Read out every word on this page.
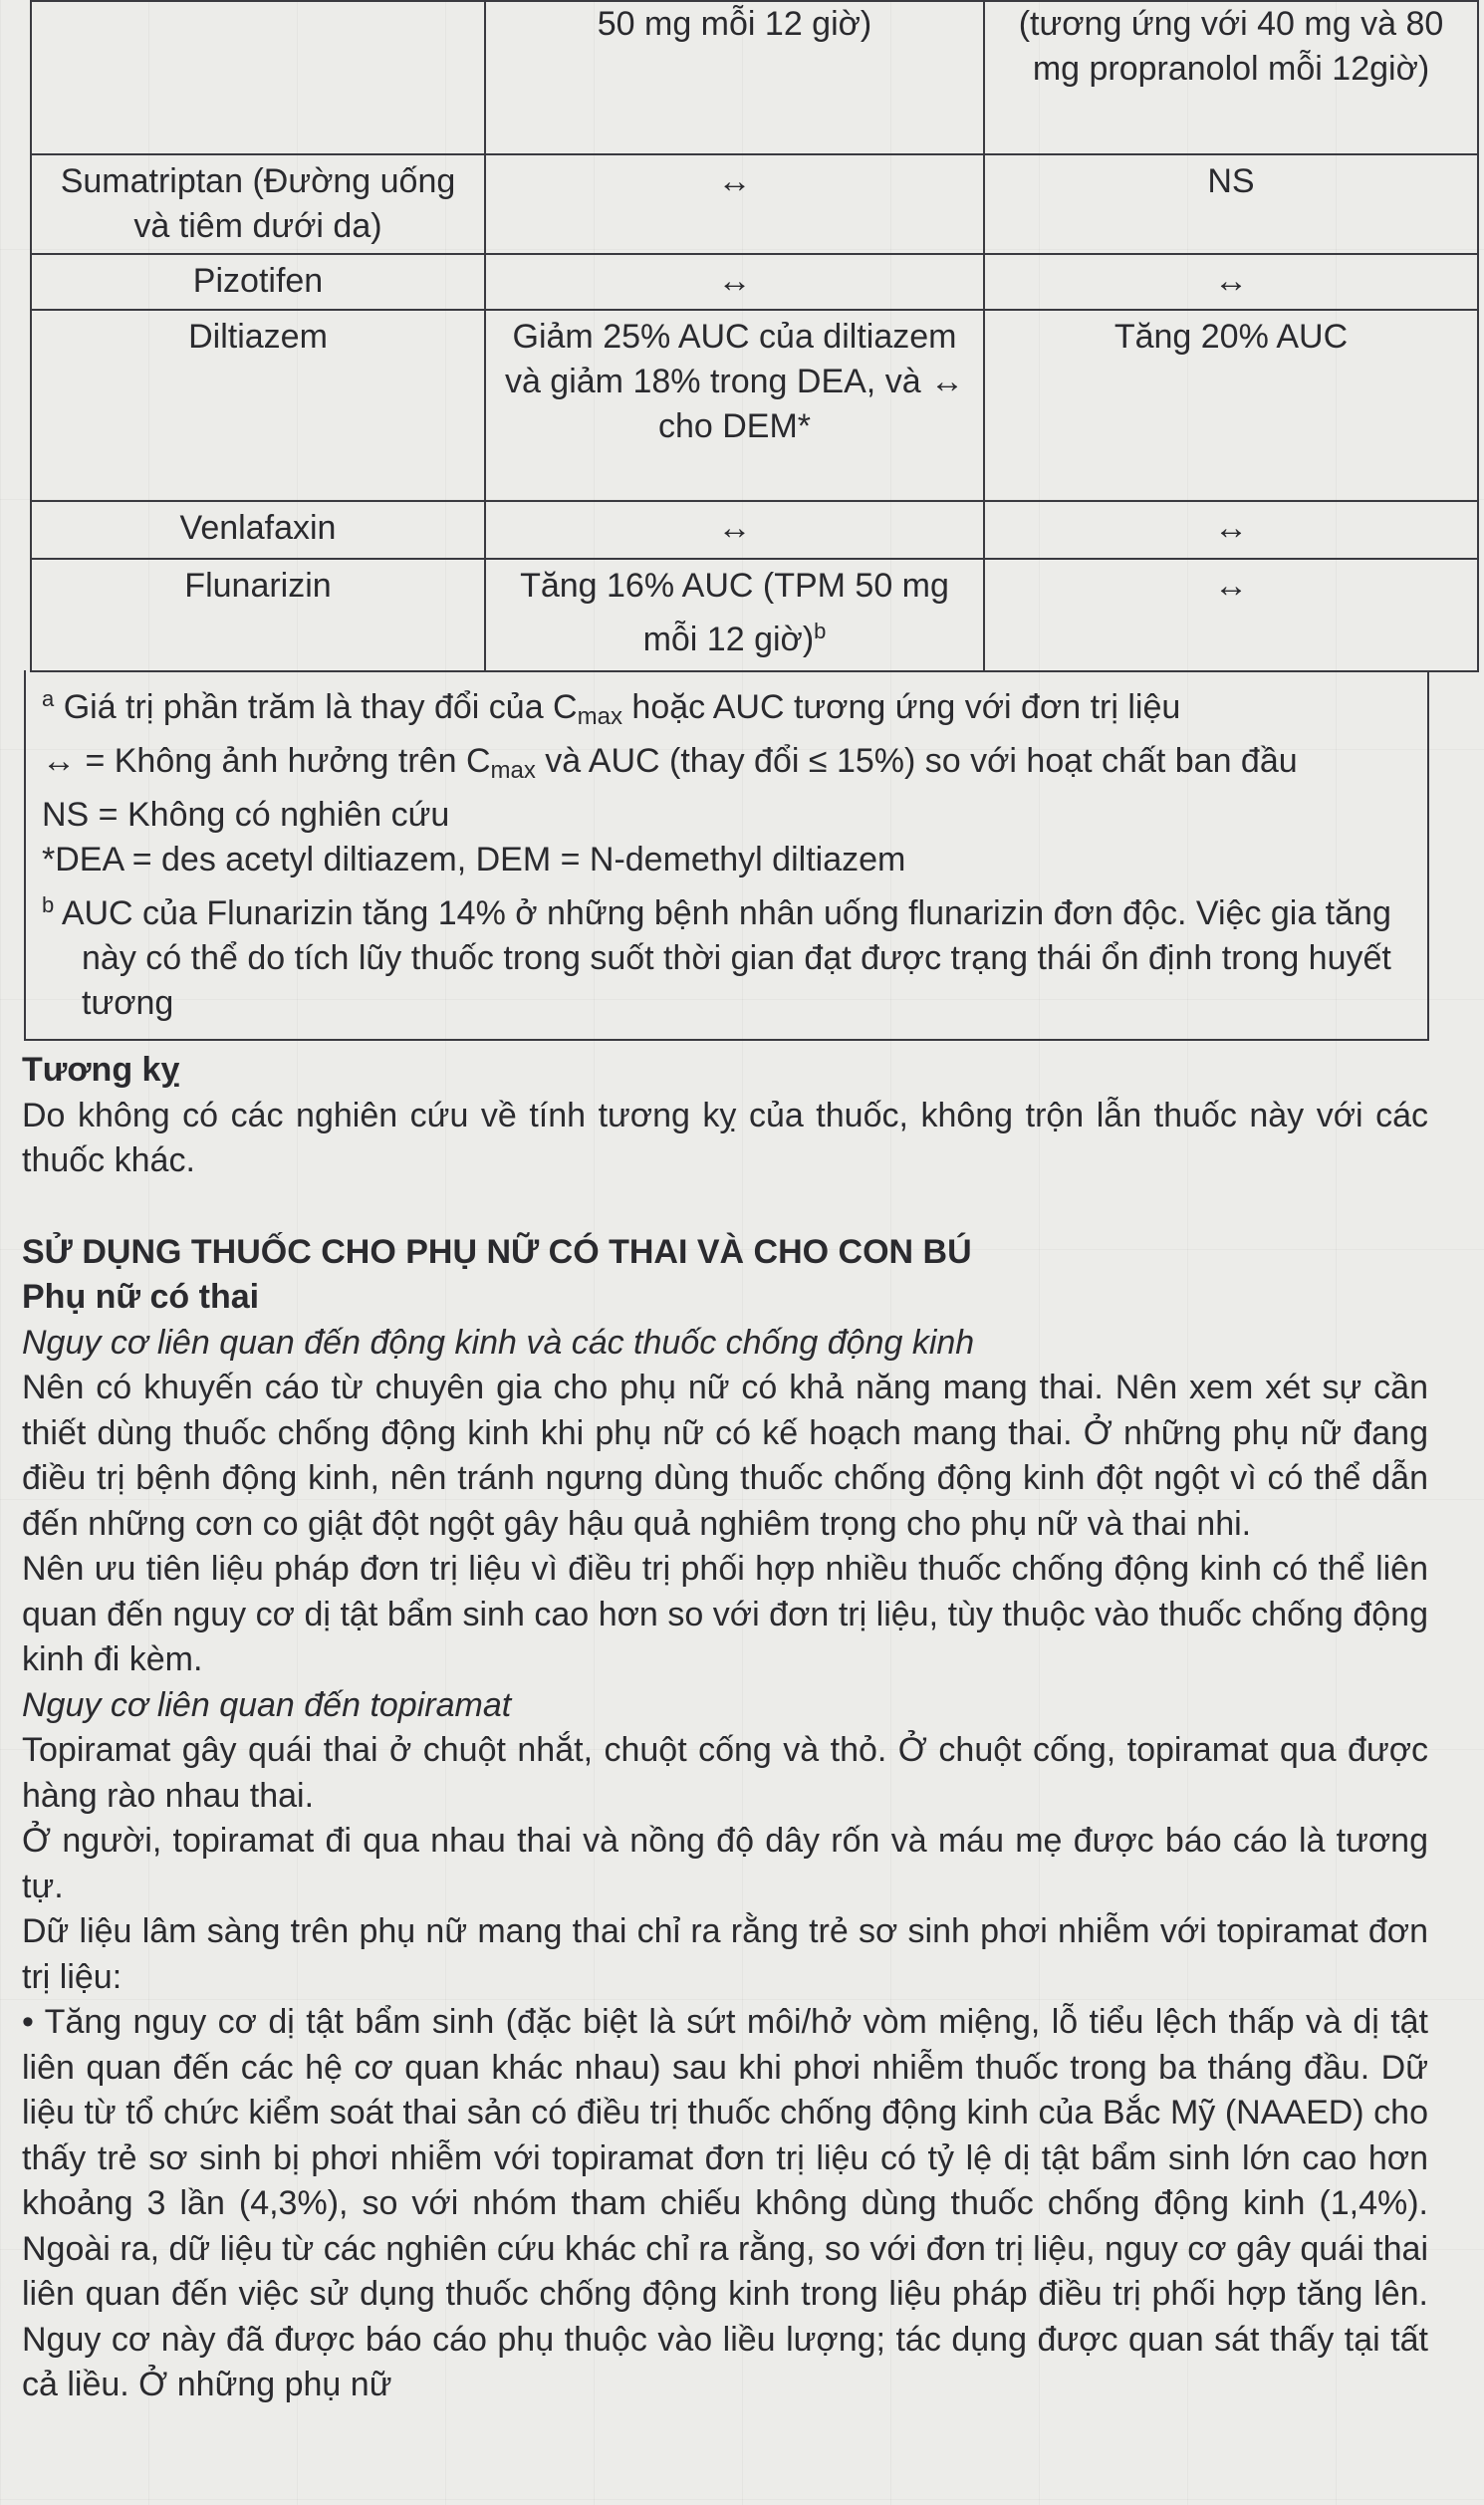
	50 mg mỗi 12 giờ)	(tương ứng với 40 mg và 80 mg propranolol mỗi 12giờ)
Sumatriptan (Đường uống và tiêm dưới da)	↔	NS
Pizotifen	↔	↔
Diltiazem	Giảm 25% AUC của diltiazem và giảm 18% trong DEA, và ↔ cho DEM*	Tăng 20% AUC
Venlafaxin	↔	↔
Flunarizin	Tăng 16% AUC (TPM 50 mg mỗi 12 giờ)$^b$	↔

$^a$ Giá trị phần trăm là thay đổi của $C_{max}$ hoặc AUC tương ứng với đơn trị liệu

↔ = Không ảnh hưởng trên $C_{max}$ và AUC (thay đổi ≤ 15%) so với hoạt chất ban đầu

NS = Không có nghiên cứu

*DEA = des acetyl diltiazem, DEM = N-demethyl diltiazem

$^b$ AUC của Flunarizin tăng 14% ở những bệnh nhân uống flunarizin đơn độc. Việc gia tăng này có thể do tích lũy thuốc trong suốt thời gian đạt được trạng thái ổn định trong huyết tương

Tương kỵ

Do không có các nghiên cứu về tính tương kỵ của thuốc, không trộn lẫn thuốc này với các thuốc khác.

SỬ DỤNG THUỐC CHO PHỤ NỮ CÓ THAI VÀ CHO CON BÚ

Phụ nữ có thai

Nguy cơ liên quan đến động kinh và các thuốc chống động kinh

Nên có khuyến cáo từ chuyên gia cho phụ nữ có khả năng mang thai. Nên xem xét sự cần thiết dùng thuốc chống động kinh khi phụ nữ có kế hoạch mang thai. Ở những phụ nữ đang điều trị bệnh động kinh, nên tránh ngưng dùng thuốc chống động kinh đột ngột vì có thể dẫn đến những cơn co giật đột ngột gây hậu quả nghiêm trọng cho phụ nữ và thai nhi.

Nên ưu tiên liệu pháp đơn trị liệu vì điều trị phối hợp nhiều thuốc chống động kinh có thể liên quan đến nguy cơ dị tật bẩm sinh cao hơn so với đơn trị liệu, tùy thuộc vào thuốc chống động kinh đi kèm.

Nguy cơ liên quan đến topiramat

Topiramat gây quái thai ở chuột nhắt, chuột cống và thỏ. Ở chuột cống, topiramat qua được hàng rào nhau thai.

Ở người, topiramat đi qua nhau thai và nồng độ dây rốn và máu mẹ được báo cáo là tương tự.

Dữ liệu lâm sàng trên phụ nữ mang thai chỉ ra rằng trẻ sơ sinh phơi nhiễm với topiramat đơn trị liệu:

• Tăng nguy cơ dị tật bẩm sinh (đặc biệt là sứt môi/hở vòm miệng, lỗ tiểu lệch thấp và dị tật liên quan đến các hệ cơ quan khác nhau) sau khi phơi nhiễm thuốc trong ba tháng đầu. Dữ liệu từ tổ chức kiểm soát thai sản có điều trị thuốc chống động kinh của Bắc Mỹ (NAAED) cho thấy trẻ sơ sinh bị phơi nhiễm với topiramat đơn trị liệu có tỷ lệ dị tật bẩm sinh lớn cao hơn khoảng 3 lần (4,3%), so với nhóm tham chiếu không dùng thuốc chống động kinh (1,4%). Ngoài ra, dữ liệu từ các nghiên cứu khác chỉ ra rằng, so với đơn trị liệu, nguy cơ gây quái thai liên quan đến việc sử dụng thuốc chống động kinh trong liệu pháp điều trị phối hợp tăng lên. Nguy cơ này đã được báo cáo phụ thuộc vào liều lượng; tác dụng được quan sát thấy tại tất cả liều. Ở những phụ nữ
